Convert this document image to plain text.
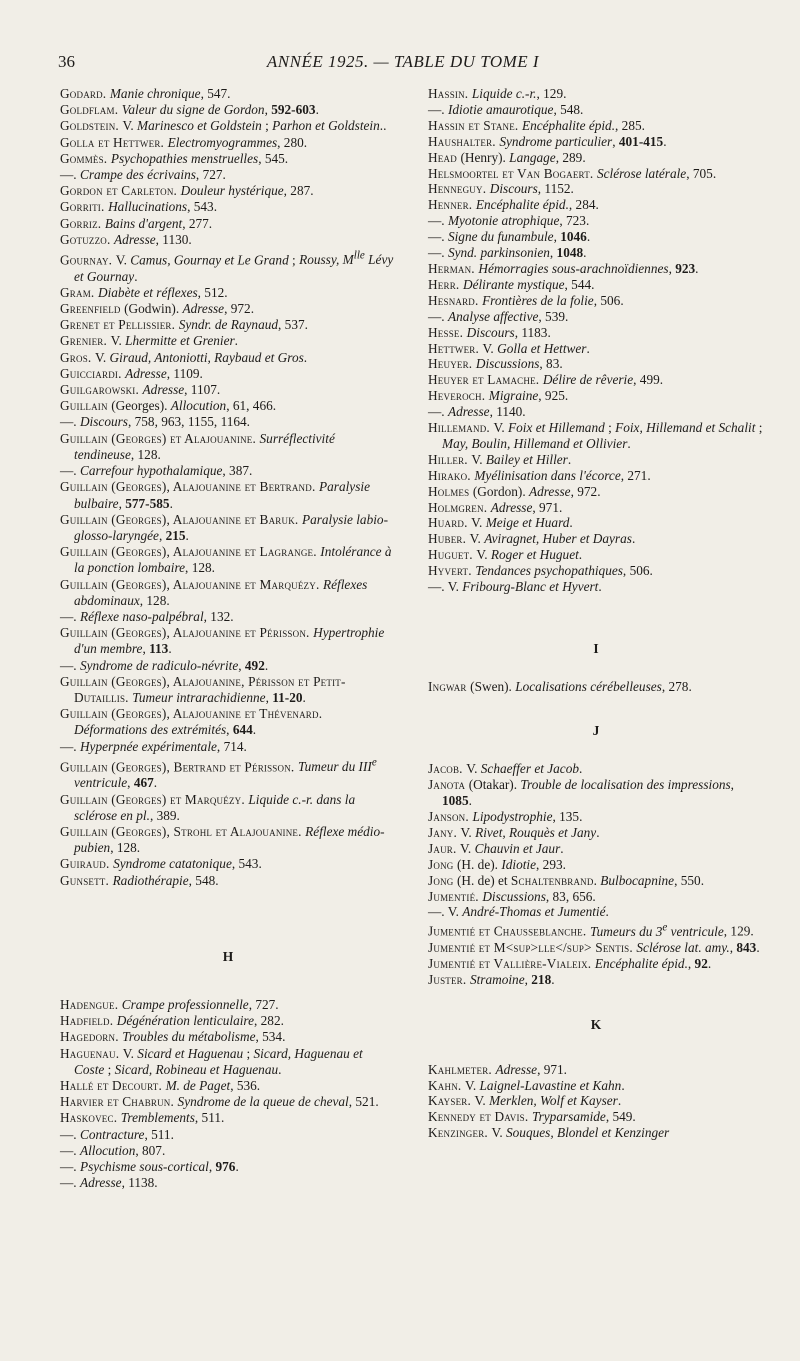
36	ANNÉE 1925. — TABLE DU TOME I

Godard. Manie chronique, 547.

Goldflam. Valeur du signe de Gordon, 592-603.

Goldstein. V. Marinesco et Goldstein ; Parhon et Goldstein..

Golla et Hettwer. Electromyogrammes, 280.

Gommès. Psychopathies menstruelles, 545.

—. Crampe des écrivains, 727.

Gordon et Carleton. Douleur hystérique, 287.

Gorriti. Hallucinations, 543.

Gorriz. Bains d'argent, 277.

Gotuzzo. Adresse, 1130.

Gournay. V. Camus, Gournay et Le Grand ; Roussy, $M^{lle}$ Lévy et Gournay.

Gram. Diabète et réflexes, 512.

Greenfield (Godwin). Adresse, 972.

Grenet et Pellissier. Syndr. de Raynaud, 537.

Grenier. V. Lhermitte et Grenier.

Gros. V. Giraud, Antoniotti, Raybaud et Gros.

Guicciardi. Adresse, 1109.

Guilgarowski. Adresse, 1107.

Guillain (Georges). Allocution, 61, 466.

—. Discours, 758, 963, 1155, 1164.

Guillain (Georges) et Alajouanine. Surréflectivité tendineuse, 128.

—. Carrefour hypothalamique, 387.

Guillain (Georges), Alajouanine et Bertrand. Paralysie bulbaire, 577-585.

Guillain (Georges), Alajouanine et Baruk. Paralysie labio-glosso-laryngée, 215.

Guillain (Georges), Alajouanine et Lagrange. Intolérance à la ponction lombaire, 128.

Guillain (Georges), Alajouanine et Marquézy. Réflexes abdominaux, 128.

—. Réflexe naso-palpébral, 132.

Guillain (Georges), Alajouanine et Périsson. Hypertrophie d'un membre, 113.

—. Syndrome de radiculo-névrite, 492.

Guillain (Georges), Alajouanine, Périsson et Petit-Dutaillis. Tumeur intrarachidienne, 11-20.

Guillain (Georges), Alajouanine et Thévenard. Déformations des extrémités, 644.

—. Hyperpnée expérimentale, 714.

Guillain (Georges), Bertrand et Périsson. Tumeur du IIIe ventricule, 467.

Guillain (Georges) et Marquézy. Liquide c.-r. dans la sclérose en pl., 389.

Guillain (Georges), Strohl et Alajouanine. Réflexe médio-pubien, 128.

Guiraud. Syndrome catatonique, 543.

Gunsett. Radiothérapie, 548.

H

Hadengue. Crampe professionnelle, 727.

Hadfield. Dégénération lenticulaire, 282.

Hagedorn. Troubles du métabolisme, 534.

Haguenau. V. Sicard et Haguenau ; Sicard, Haguenau et Coste ; Sicard, Robineau et Haguenau.

Hallé et Decourt. M. de Paget, 536.

Harvier et Chabrun. Syndrome de la queue de cheval, 521.

Haskovec. Tremblements, 511.

—. Contracture, 511.

—. Allocution, 807.

—. Psychisme sous-cortical, 976.

—. Adresse, 1138.

Hassin. Liquide c.-r., 129.

—. Idiotie amaurotique, 548.

Hassin et Stane. Encéphalite épid., 285.

Haushalter. Syndrome particulier, 401-415.

Head (Henry). Langage, 289.

Helsmoortel et Van Bogaert. Sclérose latérale, 705.

Henneguy. Discours, 1152.

Henner. Encéphalite épid., 284.

—. Myotonie atrophique, 723.

—. Signe du funambule, 1046.

—. Synd. parkinsonien, 1048.

Herman. Hémorragies sous-arachnoïdiennes, 923.

Herr. Délirante mystique, 544.

Hesnard. Frontières de la folie, 506.

—. Analyse affective, 539.

Hesse. Discours, 1183.

Hettwer. V. Golla et Hettwer.

Heuyer. Discussions, 83.

Heuyer et Lamache. Délire de rêverie, 499.

Heveroch. Migraine, 925.

—. Adresse, 1140.

Hillemand. V. Foix et Hillemand ; Foix, Hillemand et Schalit ; May, Boulin, Hillemand et Ollivier.

Hiller. V. Bailey et Hiller.

Hirako. Myélinisation dans l'écorce, 271.

Holmes (Gordon). Adresse, 972.

Holmgren. Adresse, 971.

Huard. V. Meige et Huard.

Huber. V. Aviragnet, Huber et Dayras.

Huguet. V. Roger et Huguet.

Hyvert. Tendances psychopathiques, 506.

—. V. Fribourg-Blanc et Hyvert.

I

Ingwar (Swen). Localisations cérébelleuses, 278.

J

Jacob. V. Schaeffer et Jacob.

Janota (Otakar). Trouble de localisation des impressions, 1085.

Janson. Lipodystrophie, 135.

Jany. V. Rivet, Rouquès et Jany.

Jaur. V. Chauvin et Jaur.

Jong (H. de). Idiotie, 293.

Jong (H. de) et Schaltenbrand. Bulbocapnine, 550.

Jumentié. Discussions, 83, 656.

—. V. André-Thomas et Jumentié.

Jumentié et Chausseblanche. Tumeurs du 3e ventricule, 129.

Jumentié et M<sup>lle</sup> Sentis. Sclérose lat. amy., 843.

Jumentié et Vallière-Vialeix. Encéphalite épid., 92.

Juster. Stramoine, 218.

K

Kahlmeter. Adresse, 971.

Kahn. V. Laignel-Lavastine et Kahn.

Kayser. V. Merklen, Wolf et Kayser.

Kennedy et Davis. Tryparsamide, 549.

Kenzinger. V. Souques, Blondel et Kenzinger
